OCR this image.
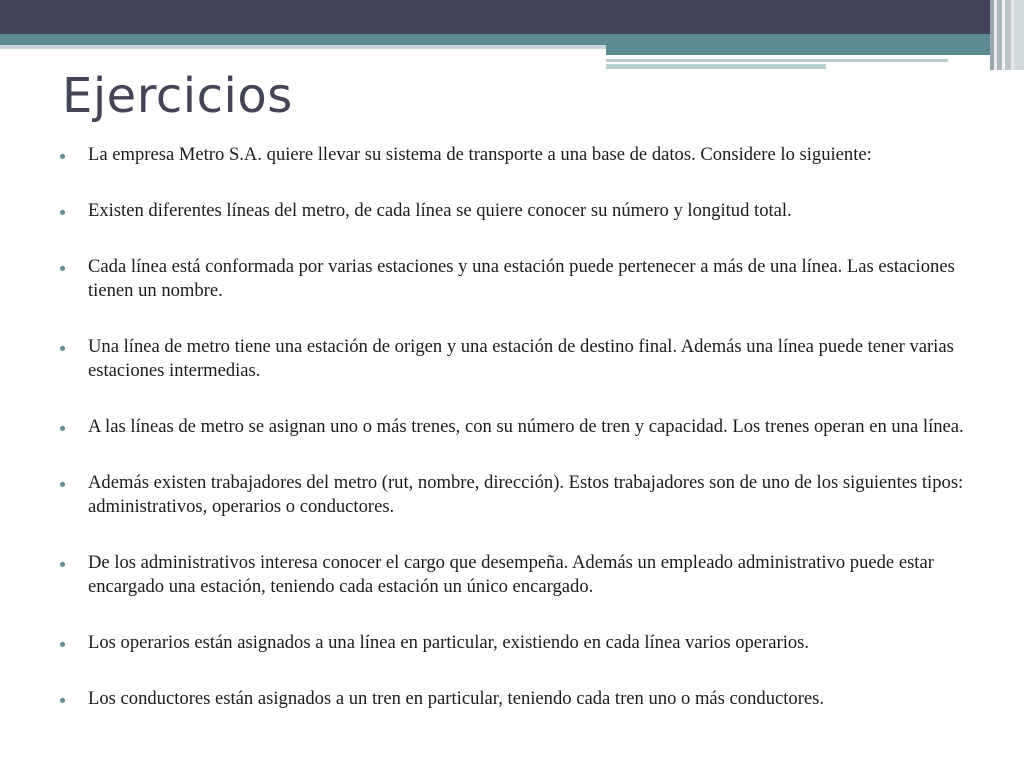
Ejercicios
La empresa Metro S.A. quiere llevar su sistema de transporte a una base de datos. Considere lo siguiente:
Existen diferentes líneas del metro, de cada línea se quiere conocer su número y longitud total.
Cada línea está conformada por varias estaciones y una estación puede pertenecer a más de una línea. Las estaciones tienen un nombre.
Una línea de metro tiene una estación de origen y una estación de destino final. Además una línea puede tener varias estaciones intermedias.
A las líneas de metro se asignan uno o más trenes, con su número de tren y capacidad. Los trenes operan en una línea.
Además existen trabajadores del metro (rut, nombre, dirección). Estos trabajadores son de uno de los siguientes tipos: administrativos, operarios o conductores.
De los administrativos interesa conocer el cargo que desempeña. Además un empleado administrativo puede estar encargado una estación, teniendo cada estación un único encargado.
Los operarios están asignados a una línea en particular, existiendo en cada línea varios operarios.
Los conductores están asignados a un tren en particular, teniendo cada tren uno o más conductores.
